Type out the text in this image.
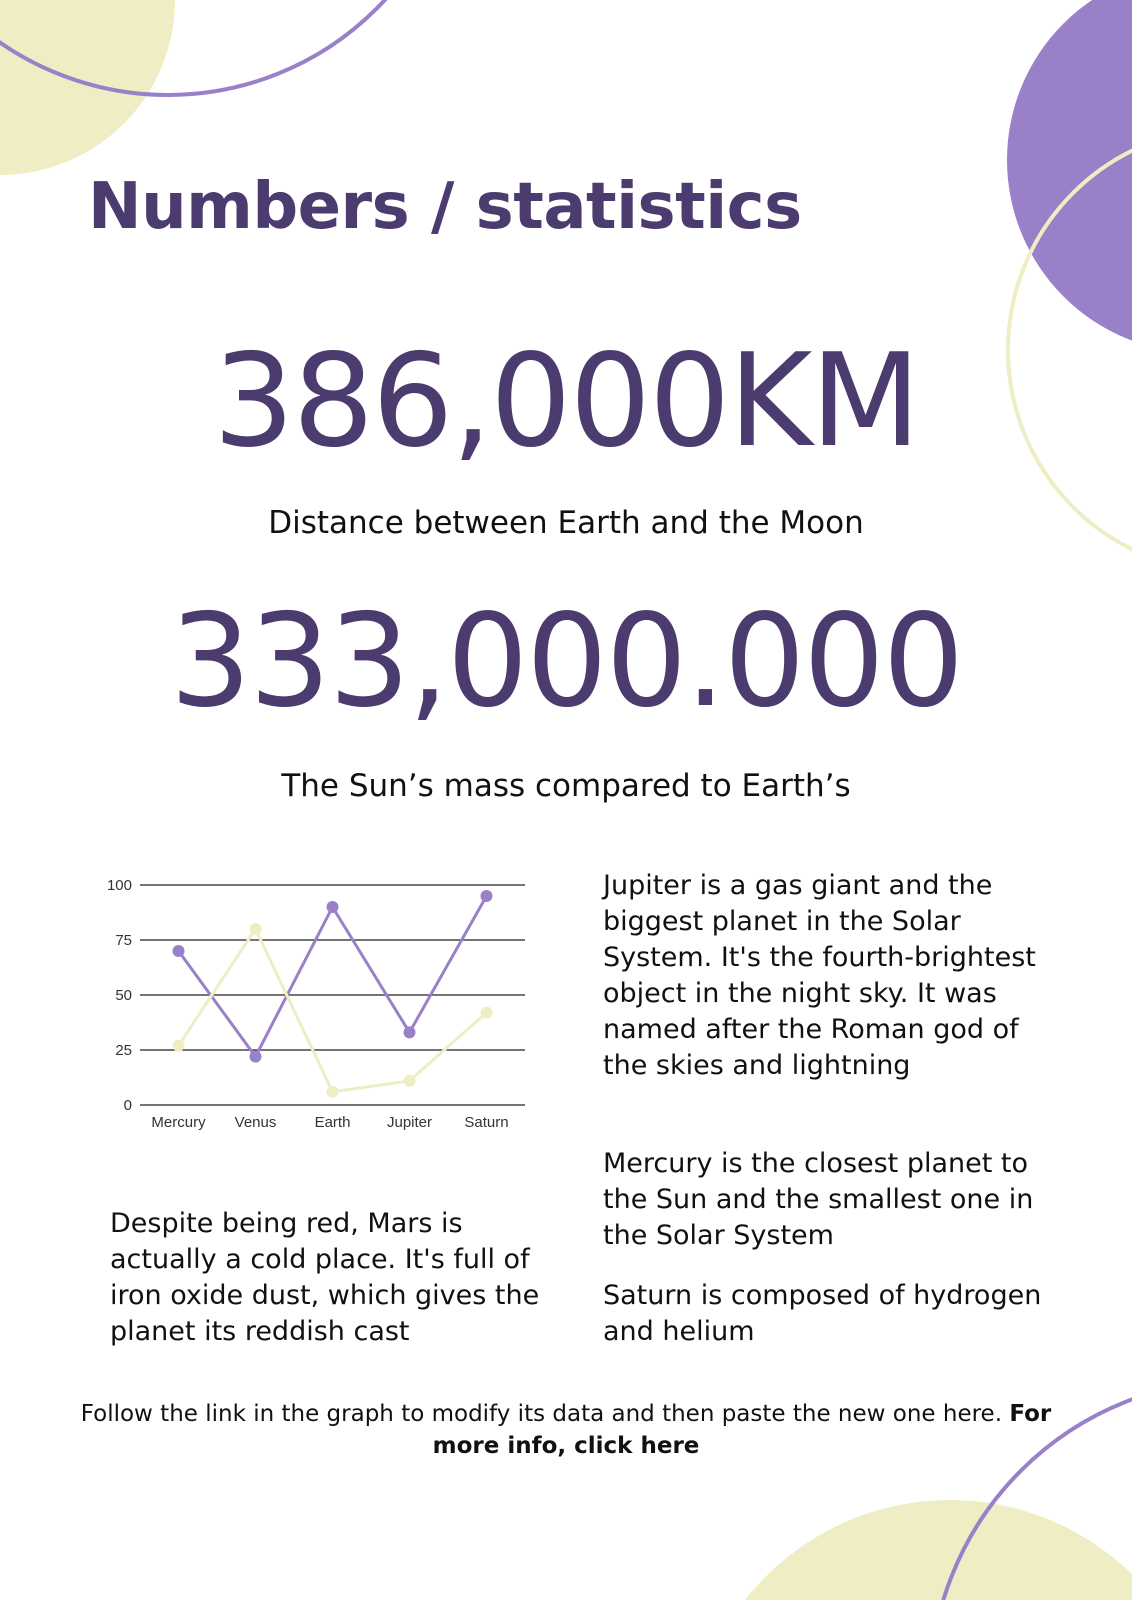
Numbers / statistics
386,000KM
Distance between Earth and the Moon
333,000.000
The Sun’s mass compared to Earth’s
0
25
50
75
100
Mercury Venus	Earth Jupiter Saturn

Jupiter is a gas giant and the biggest planet in the Solar System. It's the fourth-brightest object in the night sky. It was named after the Roman god of the skies and lightning

Mercury is the closest planet to the Sun and the smallest one in the Solar System

Saturn is composed of hydrogen and helium

Despite being red, Mars is actually a cold place. It's full of iron oxide dust, which gives the planet its reddish cast

Follow the link in the graph to modify its data and then paste the new one here. For more info, click here
